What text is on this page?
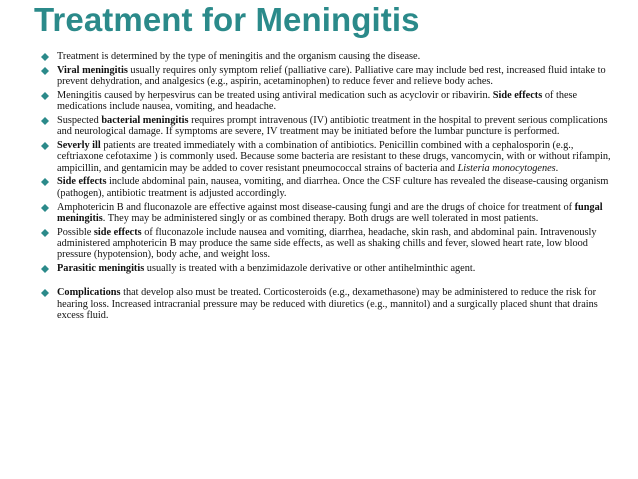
Treatment for Meningitis
Treatment is determined by the type of meningitis and the organism causing the disease.
Viral meningitis usually requires only symptom relief (palliative care). Palliative care may include bed rest, increased fluid intake to prevent dehydration, and analgesics (e.g., aspirin, acetaminophen) to reduce fever and relieve body aches.
Meningitis caused by herpesvirus can be treated using antiviral medication such as acyclovir or ribavirin. Side effects of these medications include nausea, vomiting, and headache.
Suspected bacterial meningitis requires prompt intravenous (IV) antibiotic treatment in the hospital to prevent serious complications and neurological damage. If symptoms are severe, IV treatment may be initiated before the lumbar puncture is performed.
Severly ill patients are treated immediately with a combination of antibiotics. Penicillin combined with a cephalosporin (e.g., ceftriaxone cefotaxime ) is commonly used. Because some bacteria are resistant to these drugs, vancomycin, with or without rifampin, ampicillin, and gentamicin may be added to cover resistant pneumococcal strains of bacteria and Listeria monocytogenes.
Side effects include abdominal pain, nausea, vomiting, and diarrhea. Once the CSF culture has revealed the disease-causing organism (pathogen), antibiotic treatment is adjusted accordingly.
Amphotericin B and fluconazole are effective against most disease-causing fungi and are the drugs of choice for treatment of fungal meningitis. They may be administered singly or as combined therapy. Both drugs are well tolerated in most patients.
Possible side effects of fluconazole include nausea and vomiting, diarrhea, headache, skin rash, and abdominal pain. Intravenously administered amphotericin B may produce the same side effects, as well as shaking chills and fever, slowed heart rate, low blood pressure (hypotension), body ache, and weight loss.
Parasitic meningitis usually is treated with a benzimidazole derivative or other antihelminthic agent.
Complications that develop also must be treated. Corticosteroids (e.g., dexamethasone) may be administered to reduce the risk for hearing loss. Increased intracranial pressure may be reduced with diuretics (e.g., mannitol) and a surgically placed shunt that drains excess fluid.
